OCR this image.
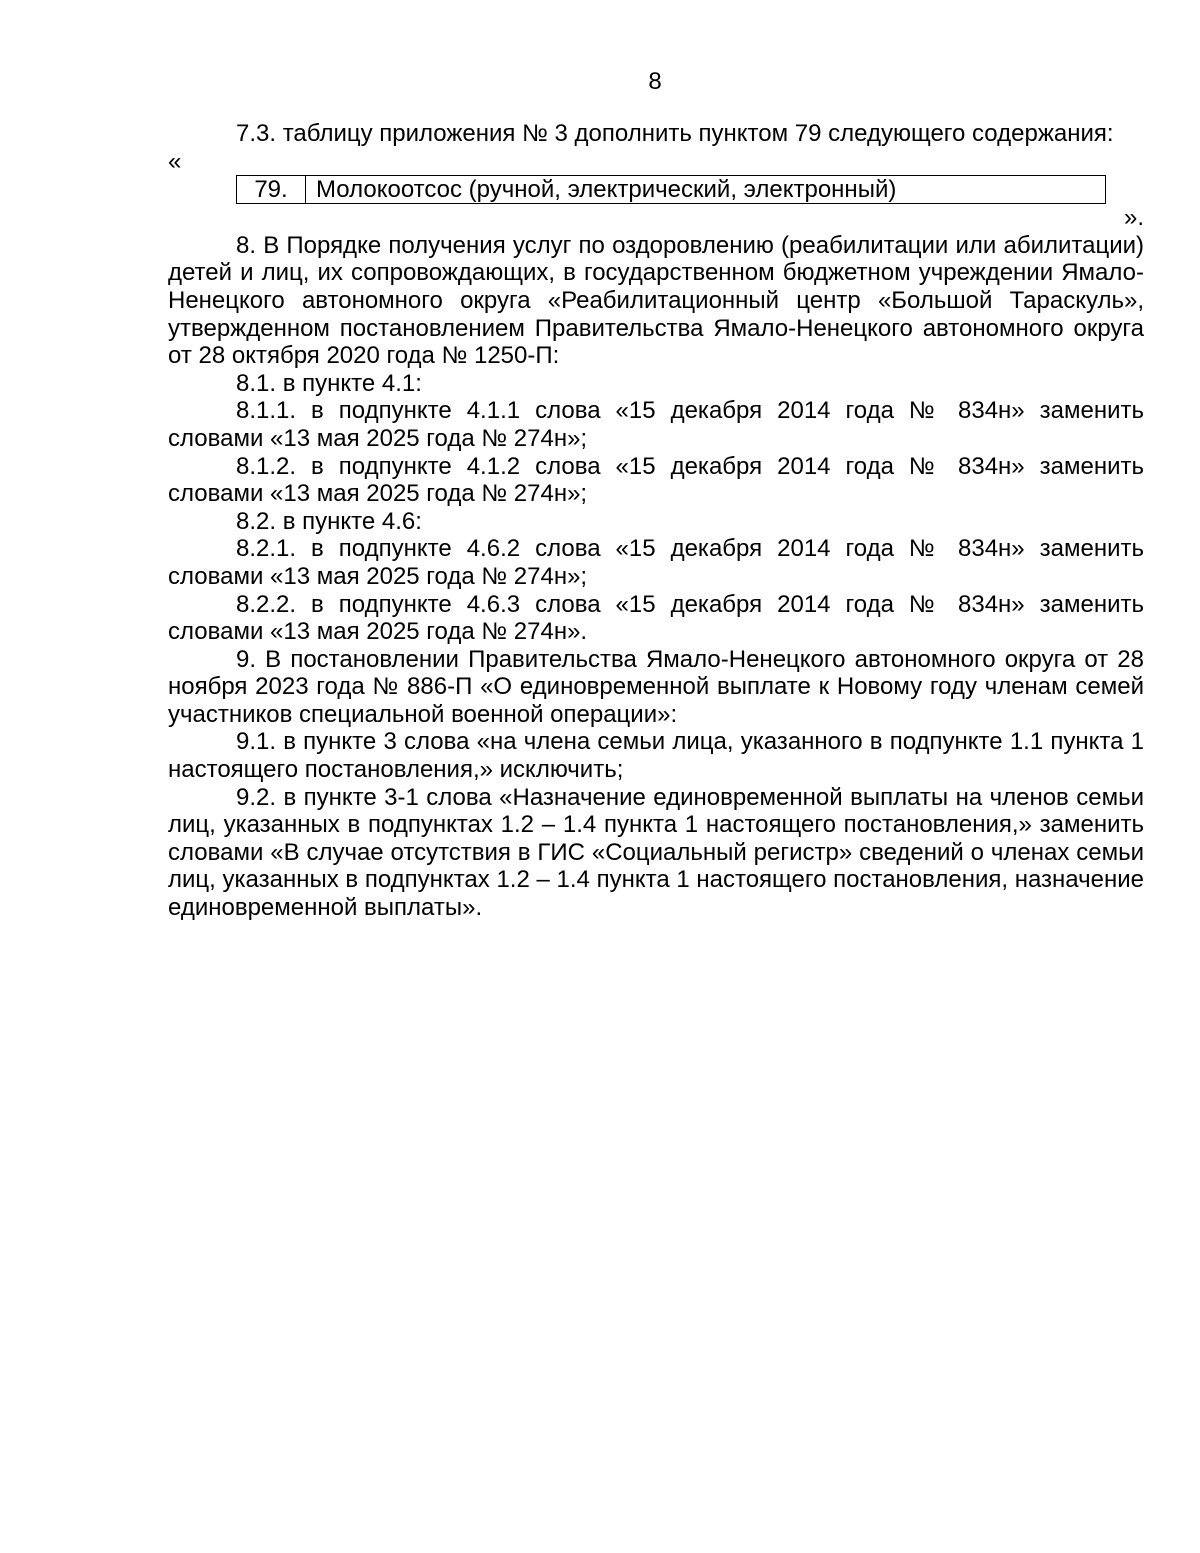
8

7.3. таблицу приложения № 3 дополнить пунктом 79 следующего содержания:

«

79.	Молокоотсос (ручной, электрический, электронный)

».

8. В Порядке получения услуг по оздоровлению (реабилитации или абилитации) детей и лиц, их сопровождающих, в государственном бюджетном учреждении Ямало-Ненецкого автономного округа «Реабилитационный центр «Большой Тараскуль», утвержденном постановлением Правительства Ямало-Ненецкого автономного округа от 28 октября 2020 года № 1250-П:

8.1. в пункте 4.1:

8.1.1. в подпункте 4.1.1 слова «15 декабря 2014 года № 834н» заменить словами «13 мая 2025 года № 274н»;

8.1.2. в подпункте 4.1.2 слова «15 декабря 2014 года № 834н» заменить словами «13 мая 2025 года № 274н»;

8.2. в пункте 4.6:

8.2.1. в подпункте 4.6.2 слова «15 декабря 2014 года № 834н» заменить словами «13 мая 2025 года № 274н»;

8.2.2. в подпункте 4.6.3 слова «15 декабря 2014 года № 834н» заменить словами «13 мая 2025 года № 274н».

9. В постановлении Правительства Ямало-Ненецкого автономного округа от 28 ноября 2023 года № 886-П «О единовременной выплате к Новому году членам семей участников специальной военной операции»:

9.1. в пункте 3 слова «на члена семьи лица, указанного в подпункте 1.1 пункта 1 настоящего постановления,» исключить;

9.2. в пункте 3-1 слова «Назначение единовременной выплаты на членов семьи лиц, указанных в подпунктах 1.2 – 1.4 пункта 1 настоящего постановления,» заменить словами «В случае отсутствия в ГИС «Социальный регистр» сведений о членах семьи лиц, указанных в подпунктах 1.2 – 1.4 пункта 1 настоящего постановления, назначение единовременной выплаты».
